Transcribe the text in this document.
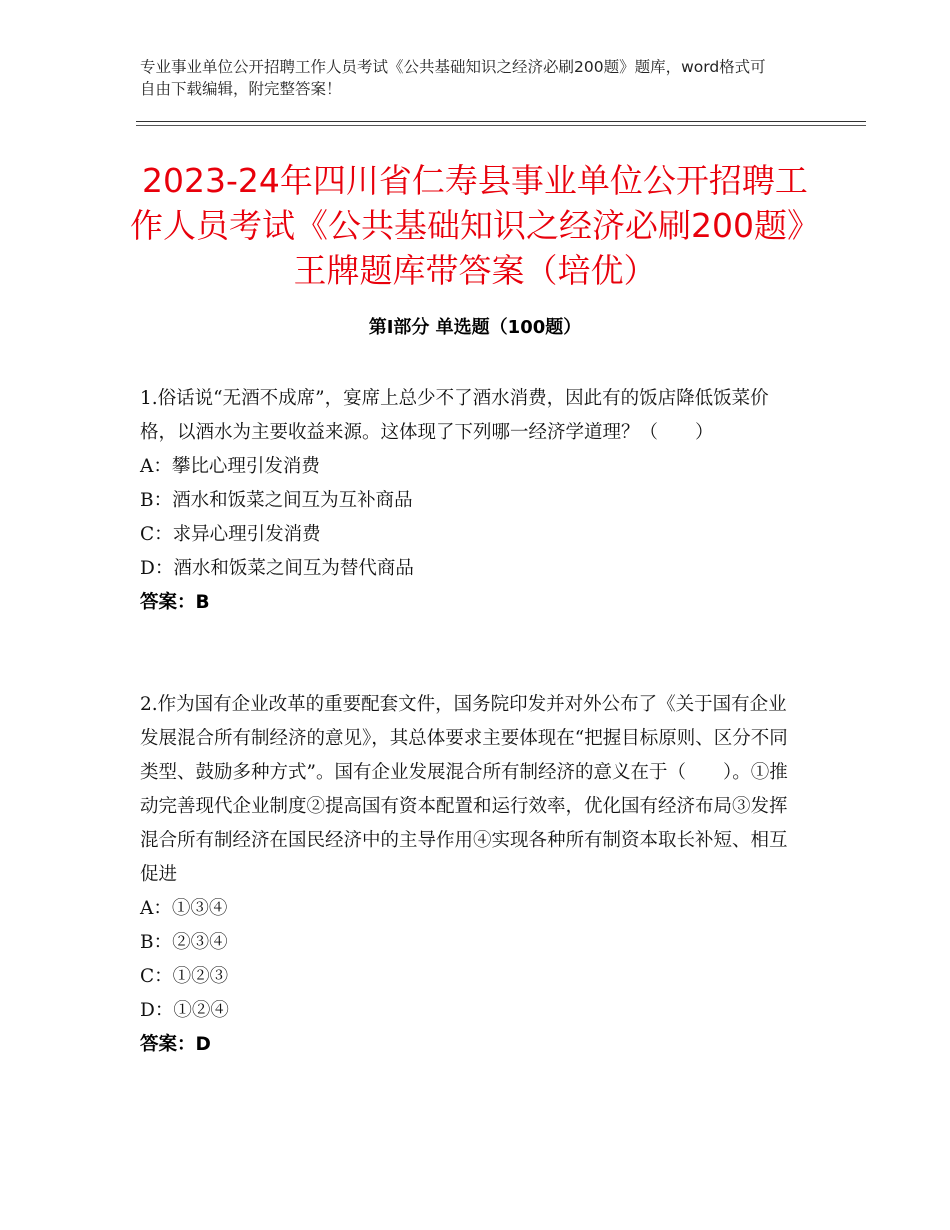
专业事业单位公开招聘工作人员考试《公共基础知识之经济必刷200题》题库，word格式可自由下载编辑，附完整答案！
2023-24年四川省仁寿县事业单位公开招聘工作人员考试《公共基础知识之经济必刷200题》王牌题库带答案（培优）
第Ⅰ部分 单选题（100题）

1.俗话说“无酒不成席”，宴席上总少不了酒水消费，因此有的饭店降低饭菜价格，以酒水为主要收益来源。这体现了下列哪一经济学道理？（　　）

A：攀比心理引发消费

B：酒水和饭菜之间互为互补商品

C：求异心理引发消费

D：酒水和饭菜之间互为替代商品

答案：B

2.作为国有企业改革的重要配套文件，国务院印发并对外公布了《关于国有企业发展混合所有制经济的意见》，其总体要求主要体现在“把握目标原则、区分不同类型、鼓励多种方式”。国有企业发展混合所有制经济的意义在于（　　）。①推动完善现代企业制度②提高国有资本配置和运行效率，优化国有经济布局③发挥混合所有制经济在国民经济中的主导作用④实现各种所有制资本取长补短、相互促进

A：①③④

B：②③④

C：①②③

D：①②④

答案：D
